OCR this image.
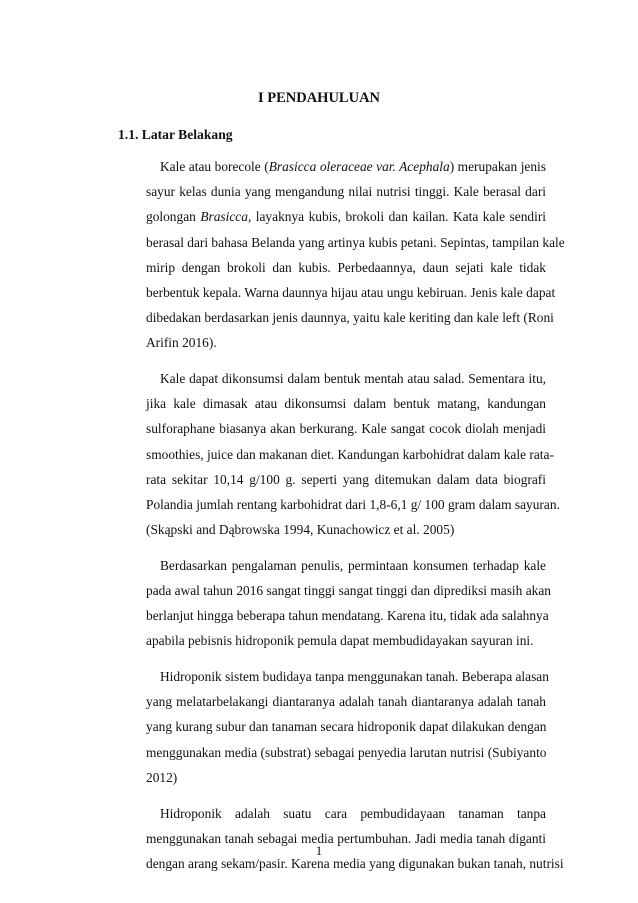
I PENDAHULUAN
1.1. Latar Belakang
Kale atau borecole (Brasicca oleraceae var. Acephala) merupakan jenis
sayur kelas dunia yang mengandung nilai nutrisi tinggi. Kale berasal dari
golongan Brasicca, layaknya kubis, brokoli dan kailan. Kata kale sendiri
berasal dari bahasa Belanda yang artinya kubis petani. Sepintas, tampilan kale
mirip dengan brokoli dan kubis. Perbedaannya, daun sejati kale tidak
berbentuk kepala. Warna daunnya hijau atau ungu kebiruan. Jenis kale dapat
dibedakan berdasarkan jenis daunnya, yaitu kale keriting dan kale left (Roni
Arifin 2016).
Kale dapat dikonsumsi dalam bentuk mentah atau salad. Sementara itu,
jika kale dimasak atau dikonsumsi dalam bentuk matang, kandungan
sulforaphane biasanya akan berkurang. Kale sangat cocok diolah menjadi
smoothies, juice dan makanan diet. Kandungan karbohidrat dalam kale rata-
rata sekitar 10,14 g/100 g. seperti yang ditemukan dalam data biografi
Polandia jumlah rentang karbohidrat dari 1,8-6,1 g/ 100 gram dalam sayuran.
(Skąpski and Dąbrowska 1994, Kunachowicz et al. 2005)
Berdasarkan pengalaman penulis, permintaan konsumen terhadap kale
pada awal tahun 2016 sangat tinggi sangat tinggi dan diprediksi masih akan
berlanjut hingga beberapa tahun mendatang. Karena itu, tidak ada salahnya
apabila pebisnis hidroponik pemula dapat membudidayakan sayuran ini.
Hidroponik sistem budidaya tanpa menggunakan tanah. Beberapa alasan
yang melatarbelakangi diantaranya adalah tanah diantaranya adalah tanah
yang kurang subur dan tanaman secara hidroponik dapat dilakukan dengan
menggunakan media (substrat) sebagai penyedia larutan nutrisi (Subiyanto
2012)
Hidroponik adalah suatu cara pembudidayaan tanaman tanpa
menggunakan tanah sebagai media pertumbuhan. Jadi media tanah diganti
dengan arang sekam/pasir. Karena media yang digunakan bukan tanah, nutrisi
1
